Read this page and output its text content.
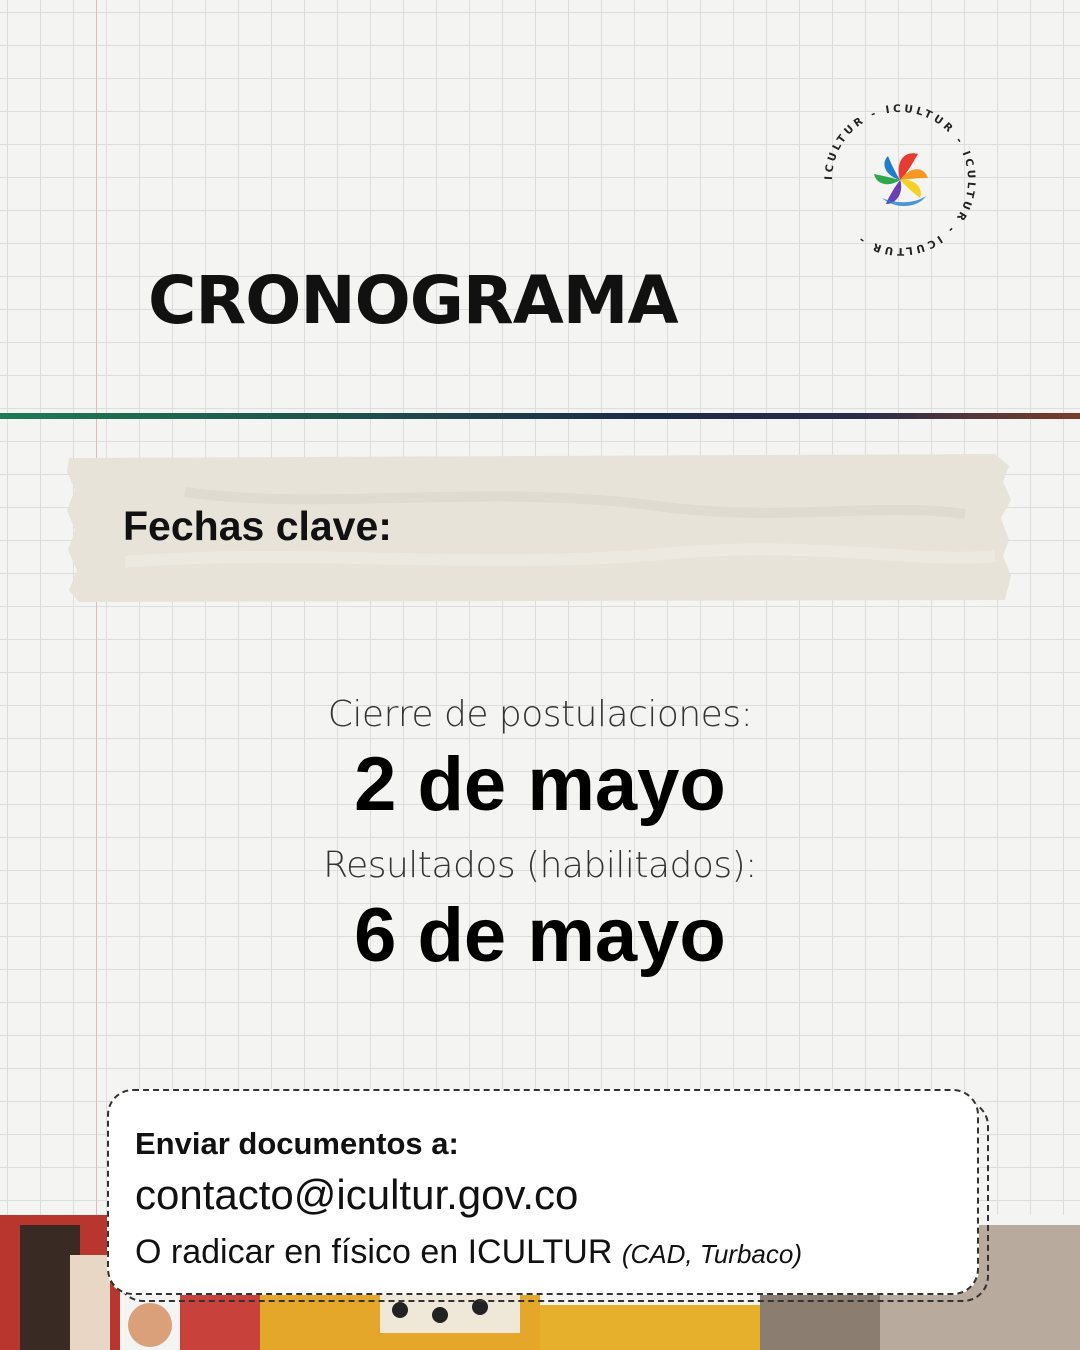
ICULTUR - ICULTUR - ICULTUR - ICULTUR -
CRONOGRAMA

Fechas clave:

Cierre de postulaciones:
2 de mayo
Resultados (habilitados):
6 de mayo

Enviar documentos a:

contacto@icultur.gov.co

O radicar en físico en ICULTUR (CAD, Turbaco)
